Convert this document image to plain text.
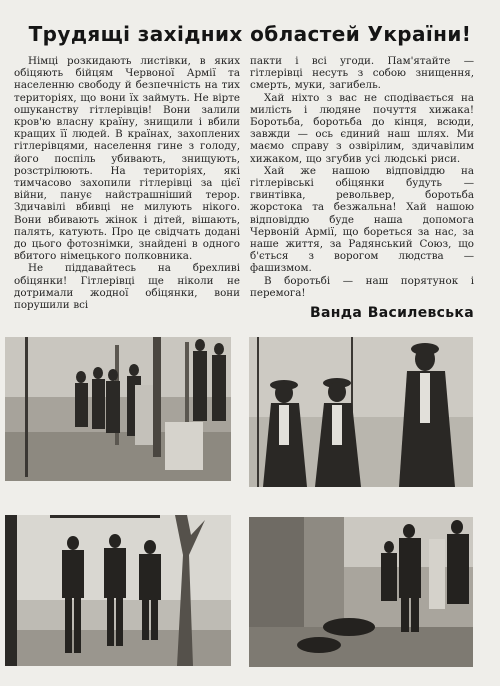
Трудящі західних областей України!

Німці розкидають листівки, в яких обіцяють бійцям Червоної Армії та населенню свободу й безпечність на тих територіях, що вони їх займуть. Не вірте ошуканству гітлерівців! Вони залили кров'ю власну країну, знищили і вбили кращих її людей. В країнах, захоплених гітлерівцями, населення гине з голоду, його поспіль убивають, знищують, розстрілюють. На територіях, які тимчасово захопили гітлерівці за цієї війни, панує найстрашніший терор. Здичавілі вбивці не милують нікого. Вони вбивають жінок і дітей, вішають, палять, катують. Про це свідчать додані до цього фотознімки, знайдені в одного вбитого німецького полковника.

Не піддавайтесь на брехливі обіцянки! Гітлерівці ще ніколи не дотримали жодної обіцянки, вони порушили всі

пакти і всі угоди. Пам'ятайте — гітлерівці несуть з собою знищення, смерть, муки, загибель.

Хай ніхто з вас не сподівається на милість і людяне почуття хижака! Боротьба, боротьба до кінця, всюди, завжди — ось єдиний наш шлях. Ми маємо справу з озвірілим, здичавілим хижаком, що згубив усі людські риси.

Хай же нашою відповіддю на гітлерівські обіцянки будуть — гвинтівка, револьвер, боротьба жорстока та безжальна! Хай нашою відповіддю буде наша допомога Червоній Армії, що бореться за нас, за наше життя, за Радянський Союз, що б'ється з ворогом людства — фашизмом.

В боротьбі — наш порятунок і перемога!

Ванда Василевська
